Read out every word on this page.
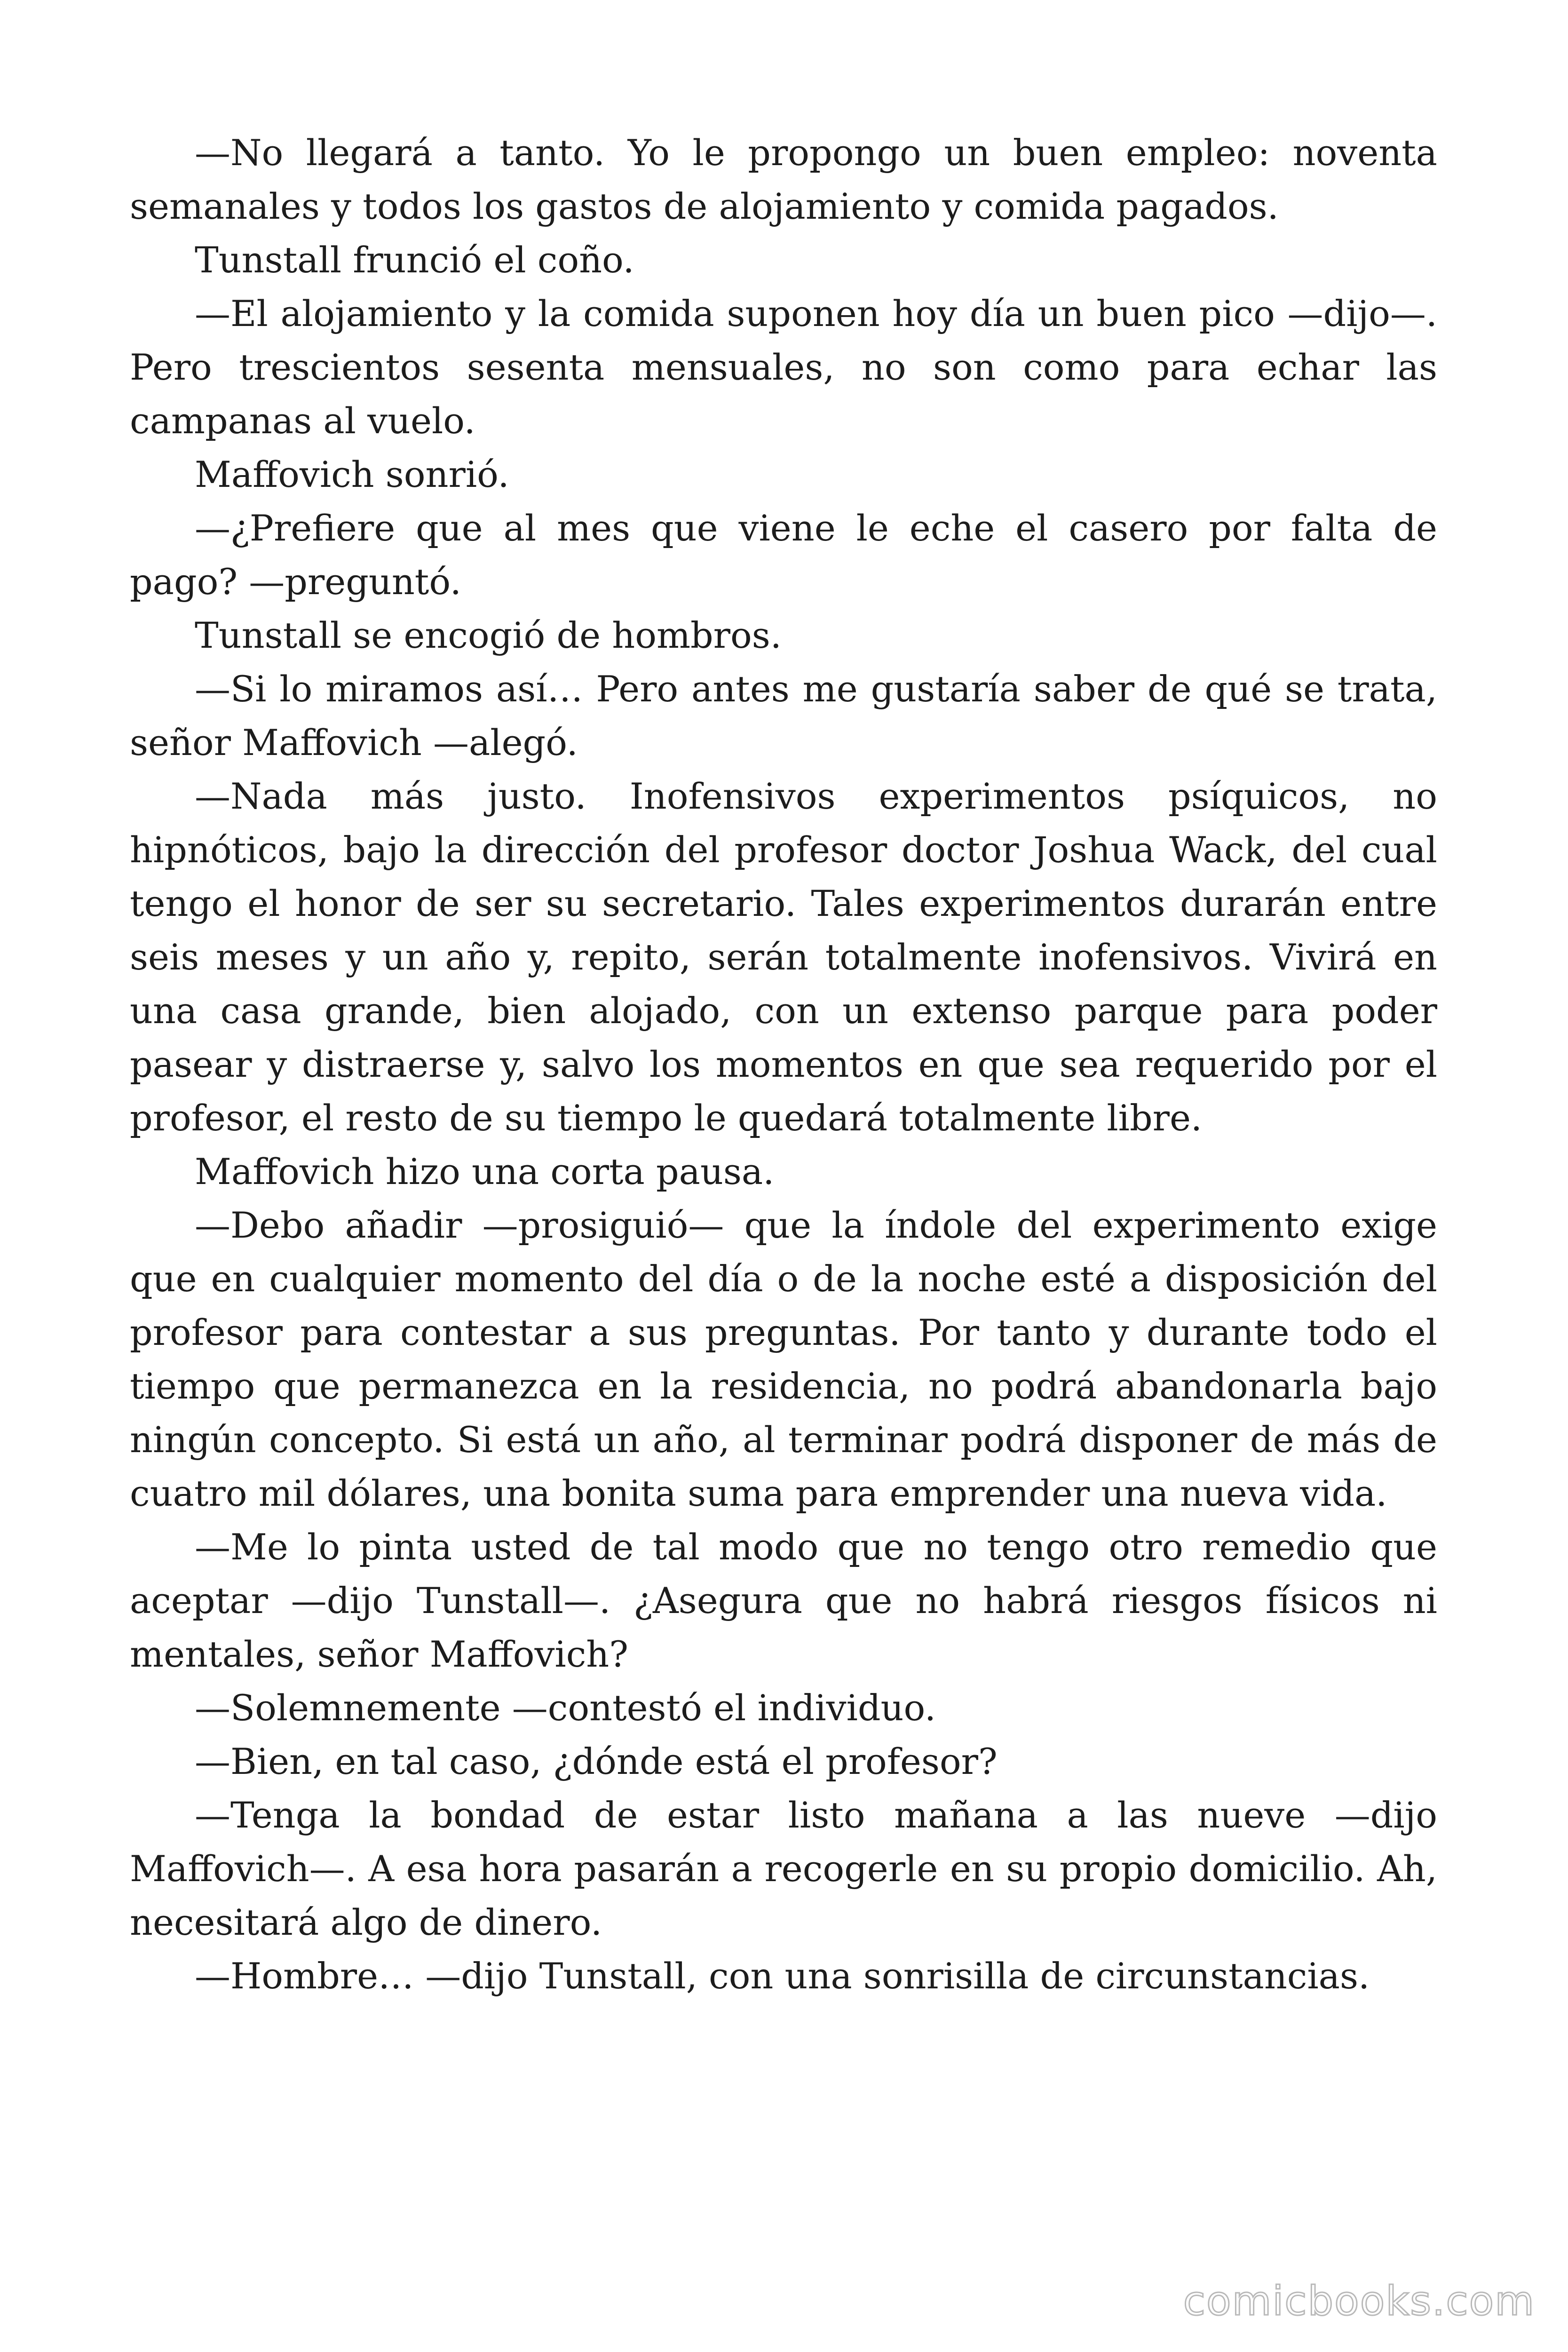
—No llegará a tanto. Yo le propongo un buen empleo: noventa semanales y todos los gastos de alojamiento y comida pagados.

Tunstall frunció el coño.

—El alojamiento y la comida suponen hoy día un buen pico —dijo—. Pero trescientos sesenta mensuales, no son como para echar las campanas al vuelo.

Maffovich sonrió.

—¿Prefiere que al mes que viene le eche el casero por falta de pago? —preguntó.

Tunstall se encogió de hombros.

—Si lo miramos así… Pero antes me gustaría saber de qué se trata, señor Maffovich —alegó.

—Nada más justo. Inofensivos experimentos psíquicos, no hipnóticos, bajo la dirección del profesor doctor Joshua Wack, del cual tengo el honor de ser su secretario. Tales experimentos durarán entre seis meses y un año y, repito, serán totalmente inofensivos. Vivirá en una casa grande, bien alojado, con un extenso parque para poder pasear y distraerse y, salvo los momentos en que sea requerido por el profesor, el resto de su tiempo le quedará totalmente libre.

Maffovich hizo una corta pausa.

—Debo añadir —prosiguió— que la índole del experimento exige que en cualquier momento del día o de la noche esté a disposición del profesor para contestar a sus preguntas. Por tanto y durante todo el tiempo que permanezca en la residencia, no podrá abandonarla bajo ningún concepto. Si está un año, al terminar podrá disponer de más de cuatro mil dólares, una bonita suma para emprender una nueva vida.

—Me lo pinta usted de tal modo que no tengo otro remedio que aceptar —dijo Tunstall—. ¿Asegura que no habrá riesgos físicos ni mentales, señor Maffovich?

—Solemnemente —contestó el individuo.

—Bien, en tal caso, ¿dónde está el profesor?

—Tenga la bondad de estar listo mañana a las nueve —dijo Maffovich—. A esa hora pasarán a recogerle en su propio domicilio. Ah, necesitará algo de dinero.

—Hombre… —dijo Tunstall, con una sonrisilla de circunstancias.

comicbooks.com
